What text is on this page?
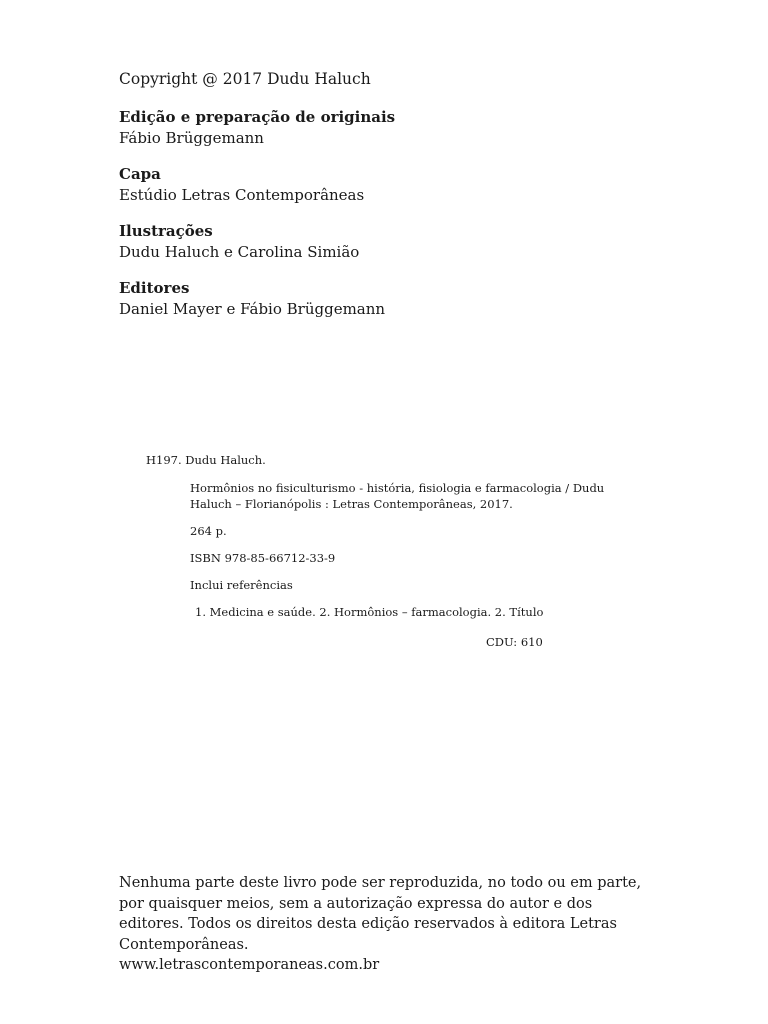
Copyright @ 2017 Dudu Haluch

Edição e preparação de originais
Fábio Brüggemann
Capa
Estúdio Letras Contemporâneas
Ilustrações
Dudu Haluch e Carolina Simião
Editores
Daniel Mayer e Fábio Brüggemann

H197. Dudu Haluch.

Hormônios no fisiculturismo - história, fisiologia e farmacologia / Dudu Haluch – Florianópolis : Letras Contemporâneas, 2017.

264 p.

ISBN 978-85-66712-33-9

Inclui referências

1. Medicina e saúde. 2. Hormônios – farmacologia. 2. Título

CDU: 610

Nenhuma parte deste livro pode ser reproduzida, no todo ou em parte, por quaisquer meios, sem a autorização expressa do autor e dos editores. Todos os direitos desta edição reservados à editora Letras Contemporâneas.

www.letrascontemporaneas.com.br
